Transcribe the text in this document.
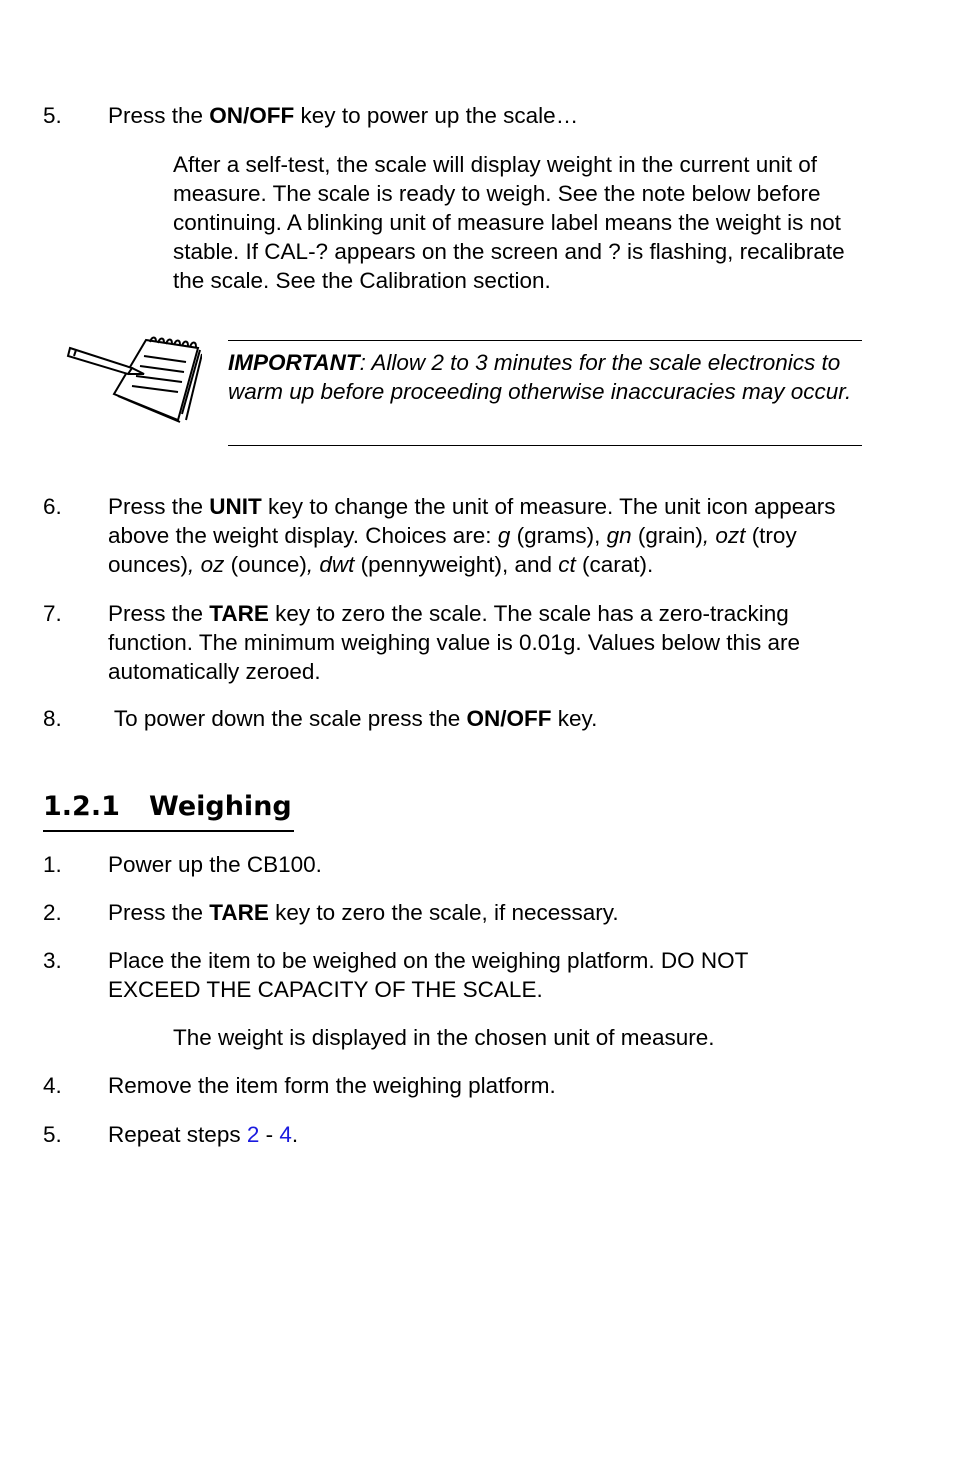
5. Press the ON/OFF key to power up the scale…
After a self-test, the scale will display weight in the current unit of measure. The scale is ready to weigh. See the note below before continuing. A blinking unit of measure label means the weight is not stable. If CAL-? appears on the screen and ? is flashing, recalibrate the scale. See the Calibration section.
IMPORTANT: Allow 2 to 3 minutes for the scale electronics to warm up before proceeding otherwise inaccuracies may occur.
6. Press the UNIT key to change the unit of measure. The unit icon appears above the weight display. Choices are: g (grams), gn (grain), ozt (troy ounces), oz (ounce), dwt (pennyweight), and ct (carat).
7. Press the TARE key to zero the scale. The scale has a zero-tracking function. The minimum weighing value is 0.01g. Values below this are automatically zeroed.
8. To power down the scale press the ON/OFF key.
1.2.1 Weighing
1. Power up the CB100.
2. Press the TARE key to zero the scale, if necessary.
3. Place the item to be weighed on the weighing platform. DO NOT EXCEED THE CAPACITY OF THE SCALE.
The weight is displayed in the chosen unit of measure.
4. Remove the item form the weighing platform.
5. Repeat steps 2 - 4.
